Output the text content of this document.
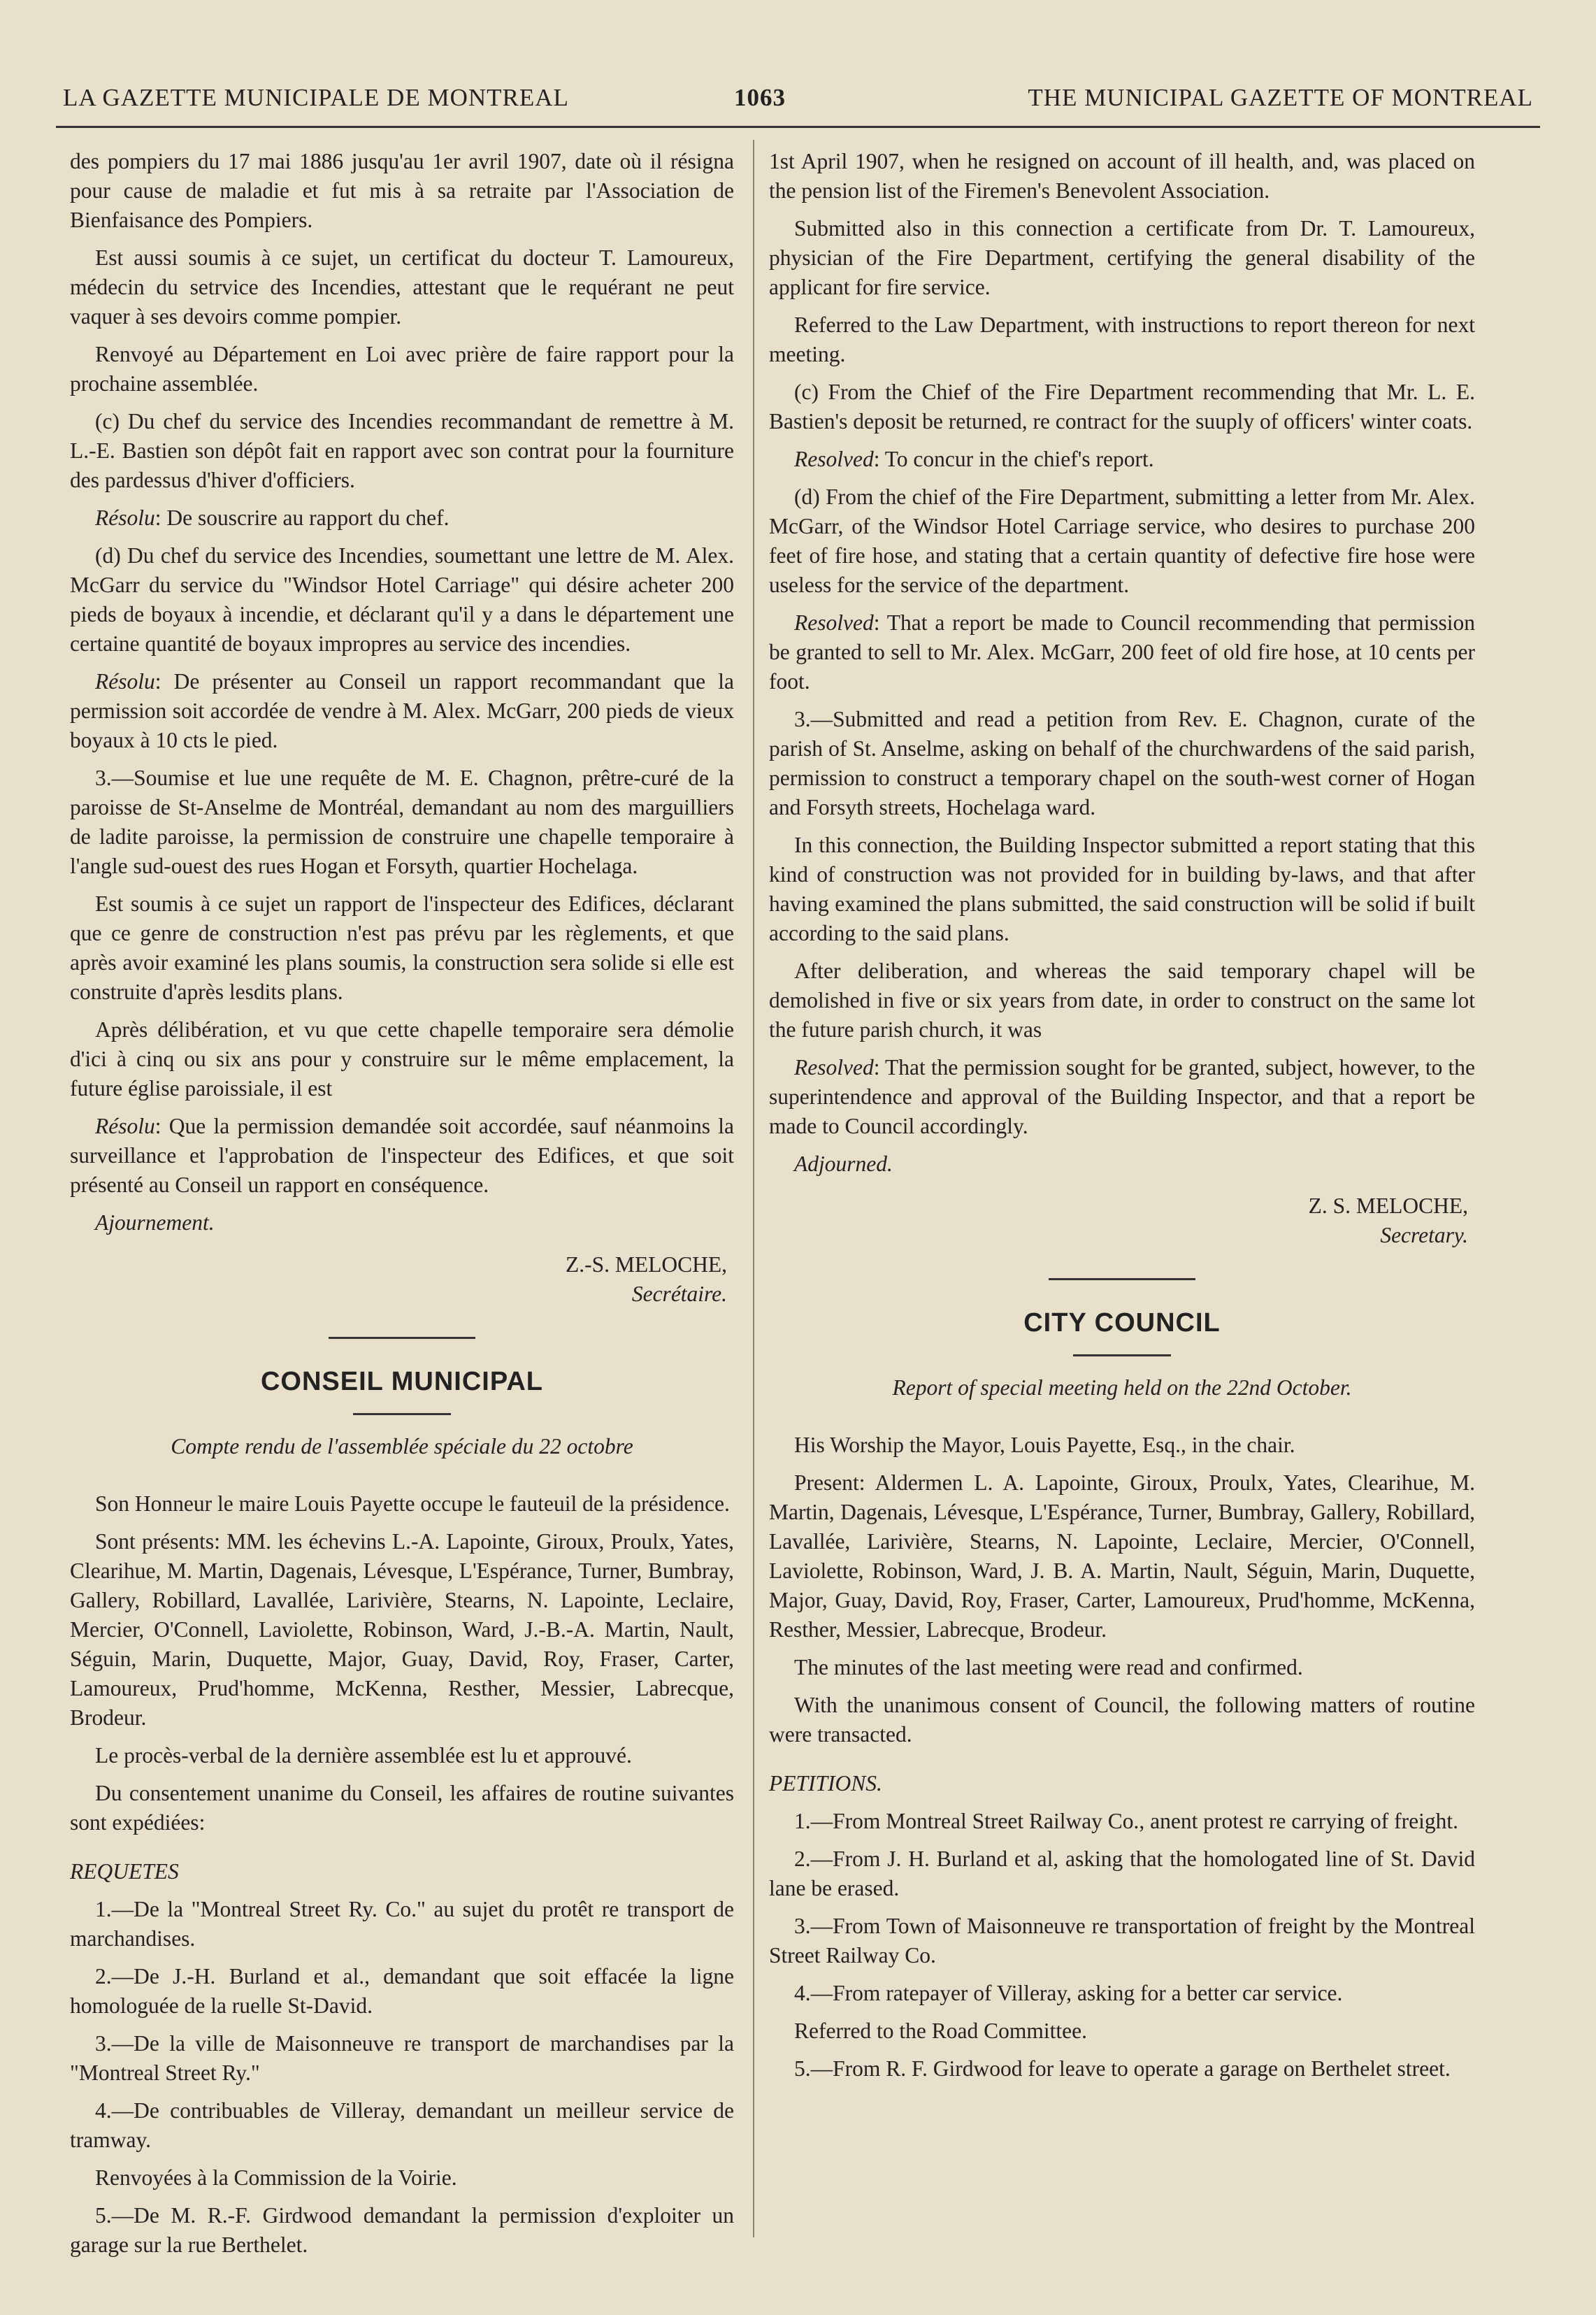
LA GAZETTE MUNICIPALE DE MONTREAL	1063	THE MUNICIPAL GAZETTE OF MONTREAL

des pompiers du 17 mai 1886 jusqu'au 1er avril 1907, date où il résigna pour cause de maladie et fut mis à sa retraite par l'Association de Bienfaisance des Pompiers.

Est aussi soumis à ce sujet, un certificat du docteur T. Lamoureux, médecin du setrvice des Incendies, attestant que le requérant ne peut vaquer à ses devoirs comme pompier.

Renvoyé au Département en Loi avec prière de faire rapport pour la prochaine assemblée.

(c) Du chef du service des Incendies recommandant de remettre à M. L.-E. Bastien son dépôt fait en rapport avec son contrat pour la fourniture des pardessus d'hiver d'officiers.

Résolu: De souscrire au rapport du chef.

(d) Du chef du service des Incendies, soumettant une lettre de M. Alex. McGarr du service du "Windsor Hotel Carriage" qui désire acheter 200 pieds de boyaux à incendie, et déclarant qu'il y a dans le département une certaine quantité de boyaux impropres au service des incendies.

Résolu: De présenter au Conseil un rapport recommandant que la permission soit accordée de vendre à M. Alex. McGarr, 200 pieds de vieux boyaux à 10 cts le pied.

3.—Soumise et lue une requête de M. E. Chagnon, prêtre-curé de la paroisse de St-Anselme de Montréal, demandant au nom des marguilliers de ladite paroisse, la permission de construire une chapelle temporaire à l'angle sud-ouest des rues Hogan et Forsyth, quartier Hochelaga.

Est soumis à ce sujet un rapport de l'inspecteur des Edifices, déclarant que ce genre de construction n'est pas prévu par les règlements, et que après avoir examiné les plans soumis, la construction sera solide si elle est construite d'après lesdits plans.

Après délibération, et vu que cette chapelle temporaire sera démolie d'ici à cinq ou six ans pour y construire sur le même emplacement, la future église paroissiale, il est

Résolu: Que la permission demandée soit accordée, sauf néanmoins la surveillance et l'approbation de l'inspecteur des Edifices, et que soit présenté au Conseil un rapport en conséquence.

Ajournement.

Z.-S. MELOCHE,
Secrétaire.
CONSEIL MUNICIPAL
Compte rendu de l'assemblée spéciale du 22 octobre

Son Honneur le maire Louis Payette occupe le fauteuil de la présidence.

Sont présents: MM. les échevins L.-A. Lapointe, Giroux, Proulx, Yates, Clearihue, M. Martin, Dagenais, Lévesque, L'Espérance, Turner, Bumbray, Gallery, Robillard, Lavallée, Larivière, Stearns, N. Lapointe, Leclaire, Mercier, O'Connell, Laviolette, Robinson, Ward, J.-B.-A. Martin, Nault, Séguin, Marin, Duquette, Major, Guay, David, Roy, Fraser, Carter, Lamoureux, Prud'homme, McKenna, Resther, Messier, Labrecque, Brodeur.

Le procès-verbal de la dernière assemblée est lu et approuvé.

Du consentement unanime du Conseil, les affaires de routine suivantes sont expédiées:

REQUETES

1.—De la "Montreal Street Ry. Co." au sujet du protêt re transport de marchandises.

2.—De J.-H. Burland et al., demandant que soit effacée la ligne homologuée de la ruelle St-David.

3.—De la ville de Maisonneuve re transport de marchandises par la "Montreal Street Ry."

4.—De contribuables de Villeray, demandant un meilleur service de tramway.

Renvoyées à la Commission de la Voirie.

5.—De M. R.-F. Girdwood demandant la permission d'exploiter un garage sur la rue Berthelet.

1st April 1907, when he resigned on account of ill health, and, was placed on the pension list of the Firemen's Benevolent Association.

Submitted also in this connection a certificate from Dr. T. Lamoureux, physician of the Fire Department, certifying the general disability of the applicant for fire service.

Referred to the Law Department, with instructions to report thereon for next meeting.

(c) From the Chief of the Fire Department recommending that Mr. L. E. Bastien's deposit be returned, re contract for the suuply of officers' winter coats.

Resolved: To concur in the chief's report.

(d) From the chief of the Fire Department, submitting a letter from Mr. Alex. McGarr, of the Windsor Hotel Carriage service, who desires to purchase 200 feet of fire hose, and stating that a certain quantity of defective fire hose were useless for the service of the department.

Resolved: That a report be made to Council recommending that permission be granted to sell to Mr. Alex. McGarr, 200 feet of old fire hose, at 10 cents per foot.

3.—Submitted and read a petition from Rev. E. Chagnon, curate of the parish of St. Anselme, asking on behalf of the churchwardens of the said parish, permission to construct a temporary chapel on the south-west corner of Hogan and Forsyth streets, Hochelaga ward.

In this connection, the Building Inspector submitted a report stating that this kind of construction was not provided for in building by-laws, and that after having examined the plans submitted, the said construction will be solid if built according to the said plans.

After deliberation, and whereas the said temporary chapel will be demolished in five or six years from date, in order to construct on the same lot the future parish church, it was

Resolved: That the permission sought for be granted, subject, however, to the superintendence and approval of the Building Inspector, and that a report be made to Council accordingly.

Adjourned.

Z. S. MELOCHE,
Secretary.
CITY COUNCIL
Report of special meeting held on the 22nd October.

His Worship the Mayor, Louis Payette, Esq., in the chair.

Present: Aldermen L. A. Lapointe, Giroux, Proulx, Yates, Clearihue, M. Martin, Dagenais, Lévesque, L'Espérance, Turner, Bumbray, Gallery, Robillard, Lavallée, Larivière, Stearns, N. Lapointe, Leclaire, Mercier, O'Connell, Laviolette, Robinson, Ward, J. B. A. Martin, Nault, Séguin, Marin, Duquette, Major, Guay, David, Roy, Fraser, Carter, Lamoureux, Prud'homme, McKenna, Resther, Messier, Labrecque, Brodeur.

The minutes of the last meeting were read and confirmed.

With the unanimous consent of Council, the following matters of routine were transacted.

PETITIONS.

1.—From Montreal Street Railway Co., anent protest re carrying of freight.

2.—From J. H. Burland et al, asking that the homologated line of St. David lane be erased.

3.—From Town of Maisonneuve re transportation of freight by the Montreal Street Railway Co.

4.—From ratepayer of Villeray, asking for a better car service.

Referred to the Road Committee.

5.—From R. F. Girdwood for leave to operate a garage on Berthelet street.
